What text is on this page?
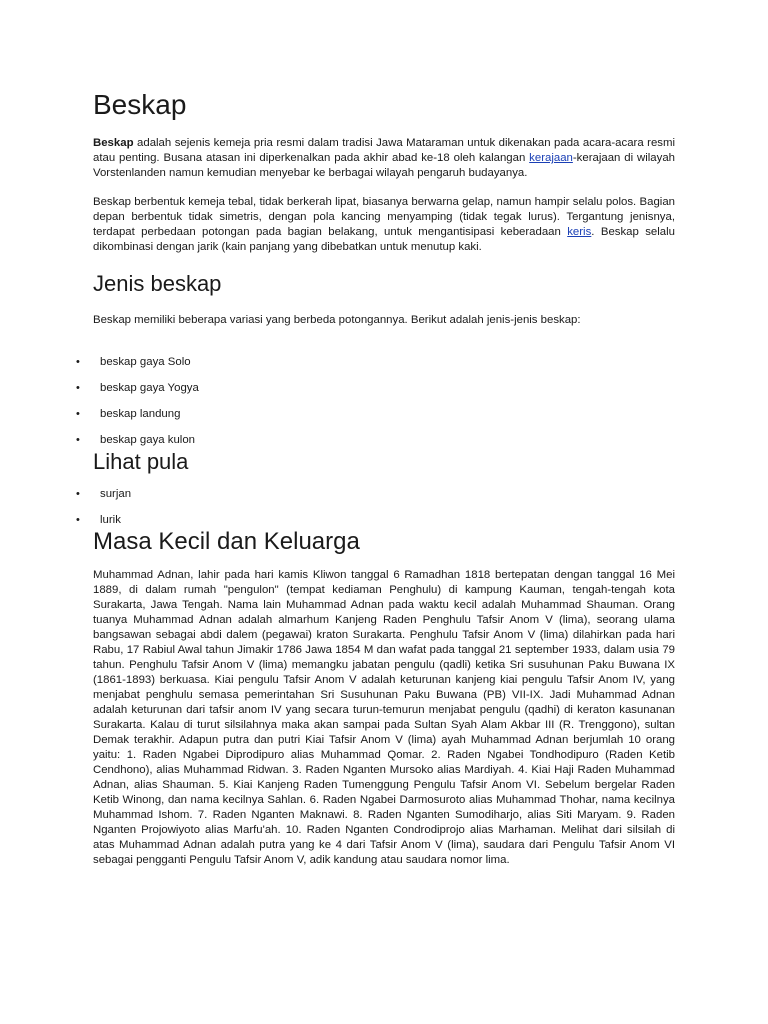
Beskap

Beskap adalah sejenis kemeja pria resmi dalam tradisi Jawa Mataraman untuk dikenakan pada acara-acara resmi atau penting. Busana atasan ini diperkenalkan pada akhir abad ke-18 oleh kalangan kerajaan-kerajaan di wilayah Vorstenlanden namun kemudian menyebar ke berbagai wilayah pengaruh budayanya.

Beskap berbentuk kemeja tebal, tidak berkerah lipat, biasanya berwarna gelap, namun hampir selalu polos. Bagian depan berbentuk tidak simetris, dengan pola kancing menyamping (tidak tegak lurus). Tergantung jenisnya, terdapat perbedaan potongan pada bagian belakang, untuk mengantisipasi keberadaan keris. Beskap selalu dikombinasi dengan jarik (kain panjang yang dibebatkan untuk menutup kaki.

Jenis beskap

Beskap memiliki beberapa variasi yang berbeda potongannya. Berikut adalah jenis-jenis beskap:

• beskap gaya Solo
• beskap gaya Yogya
• beskap landung
• beskap gaya kulon
Lihat pula
• surjan
• lurik
Masa Kecil dan Keluarga

Muhammad Adnan, lahir pada hari kamis Kliwon tanggal 6 Ramadhan 1818 bertepatan dengan tanggal 16 Mei 1889, di dalam rumah "pengulon" (tempat kediaman Penghulu) di kampung Kauman, tengah-tengah kota Surakarta, Jawa Tengah. Nama lain Muhammad Adnan pada waktu kecil adalah Muhammad Shauman. Orang tuanya Muhammad Adnan adalah almarhum Kanjeng Raden Penghulu Tafsir Anom V (lima), seorang ulama bangsawan sebagai abdi dalem (pegawai) kraton Surakarta. Penghulu Tafsir Anom V (lima) dilahirkan pada hari Rabu, 17 Rabiul Awal tahun Jimakir 1786 Jawa 1854 M dan wafat pada tanggal 21 september 1933, dalam usia 79 tahun. Penghulu Tafsir Anom V (lima) memangku jabatan pengulu (qadli) ketika Sri susuhunan Paku Buwana IX (1861-1893) berkuasa. Kiai pengulu Tafsir Anom V adalah keturunan kanjeng kiai pengulu Tafsir Anom IV, yang menjabat penghulu semasa pemerintahan Sri Susuhunan Paku Buwana (PB) VII-IX. Jadi Muhammad Adnan adalah keturunan dari tafsir anom IV yang secara turun-temurun menjabat pengulu (qadhi) di keraton kasunanan Surakarta. Kalau di turut silsilahnya maka akan sampai pada Sultan Syah Alam Akbar III (R. Trenggono), sultan Demak terakhir. Adapun putra dan putri Kiai Tafsir Anom V (lima) ayah Muhammad Adnan berjumlah 10 orang yaitu: 1. Raden Ngabei Diprodipuro alias Muhammad Qomar. 2. Raden Ngabei Tondhodipuro (Raden Ketib Cendhono), alias Muhammad Ridwan. 3. Raden Nganten Mursoko alias Mardiyah. 4. Kiai Haji Raden Muhammad Adnan, alias Shauman. 5. Kiai Kanjeng Raden Tumenggung Pengulu Tafsir Anom VI. Sebelum bergelar Raden Ketib Winong, dan nama kecilnya Sahlan. 6. Raden Ngabei Darmosuroto alias Muhammad Thohar, nama kecilnya Muhammad Ishom. 7. Raden Nganten Maknawi. 8. Raden Nganten Sumodiharjo, alias Siti Maryam. 9. Raden Nganten Projowiyoto alias Marfu'ah. 10. Raden Nganten Condrodiprojo alias Marhaman. Melihat dari silsilah di atas Muhammad Adnan adalah putra yang ke 4 dari Tafsir Anom V (lima), saudara dari Pengulu Tafsir Anom VI sebagai pengganti Pengulu Tafsir Anom V, adik kandung atau saudara nomor lima.
